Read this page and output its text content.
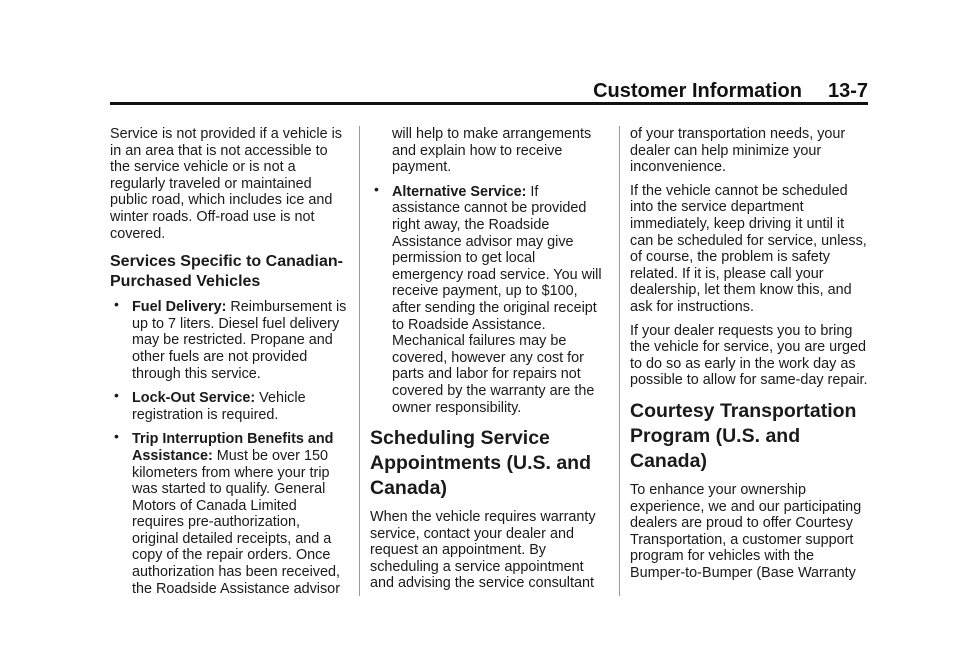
Customer Information 13-7

Service is not provided if a vehicle is in an area that is not accessible to the service vehicle or is not a regularly traveled or maintained public road, which includes ice and winter roads. Off-road use is not covered.

Services Specific to Canadian-Purchased Vehicles
• Fuel Delivery: Reimbursement is up to 7 liters. Diesel fuel delivery may be restricted. Propane and other fuels are not provided through this service.
• Lock-Out Service: Vehicle registration is required.
• Trip Interruption Benefits and Assistance: Must be over 150 kilometers from where your trip was started to qualify. General Motors of Canada Limited requires pre-authorization, original detailed receipts, and a copy of the repair orders. Once authorization has been received, the Roadside Assistance advisor
will help to make arrangements and explain how to receive payment.
• Alternative Service: If assistance cannot be provided right away, the Roadside Assistance advisor may give permission to get local emergency road service. You will receive payment, up to $100, after sending the original receipt to Roadside Assistance. Mechanical failures may be covered, however any cost for parts and labor for repairs not covered by the warranty are the owner responsibility.
Scheduling Service Appointments (U.S. and Canada)

When the vehicle requires warranty service, contact your dealer and request an appointment. By scheduling a service appointment and advising the service consultant

of your transportation needs, your dealer can help minimize your inconvenience.

If the vehicle cannot be scheduled into the service department immediately, keep driving it until it can be scheduled for service, unless, of course, the problem is safety related. If it is, please call your dealership, let them know this, and ask for instructions.

If your dealer requests you to bring the vehicle for service, you are urged to do so as early in the work day as possible to allow for same-day repair.

Courtesy Transportation Program (U.S. and Canada)

To enhance your ownership experience, we and our participating dealers are proud to offer Courtesy Transportation, a customer support program for vehicles with the Bumper-to-Bumper (Base Warranty
